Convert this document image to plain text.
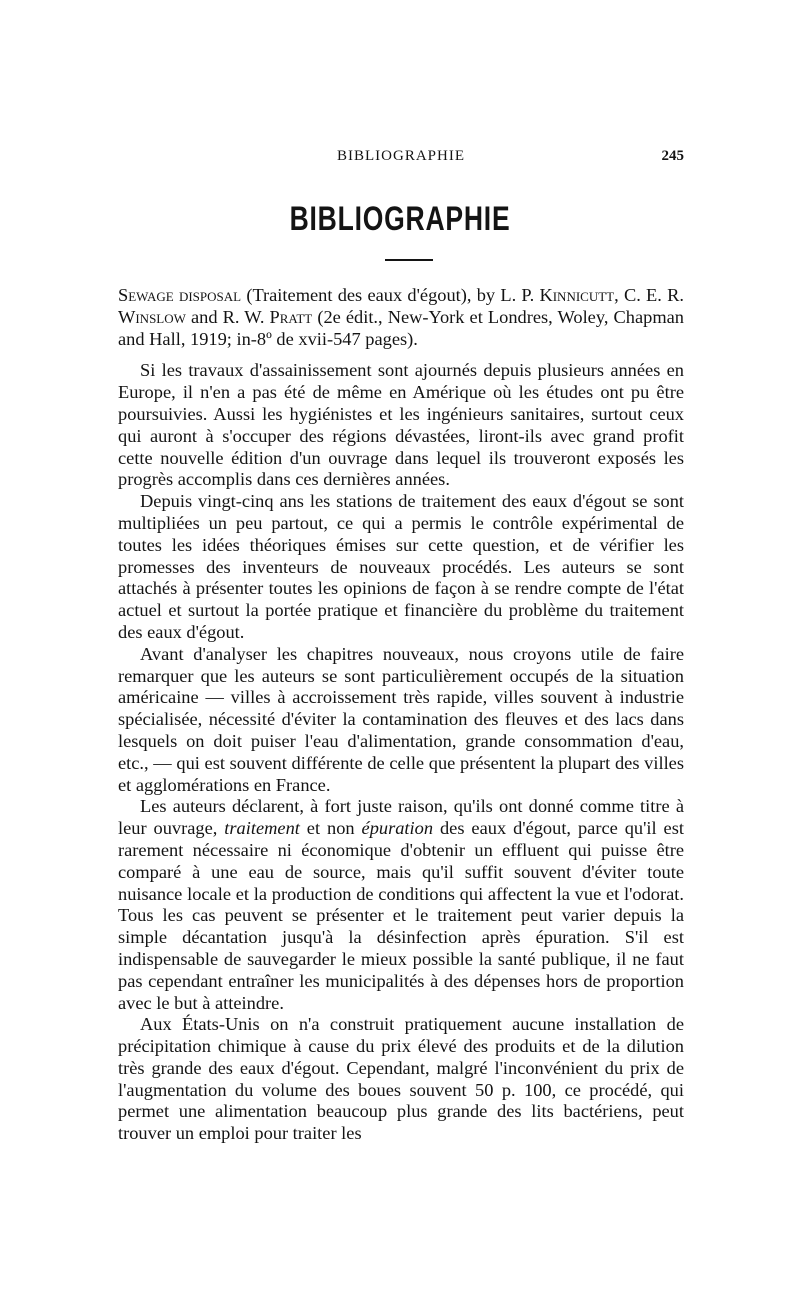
BIBLIOGRAPHIE	245
BIBLIOGRAPHIE

Sewage disposal (Traitement des eaux d'égout), by L. P. Kinnicutt, C. E. R. Winslow and R. W. Pratt (2e édit., New-York et Londres, Woley, Chapman and Hall, 1919; in-8º de xvii-547 pages).

Si les travaux d'assainissement sont ajournés depuis plusieurs années en Europe, il n'en a pas été de même en Amérique où les études ont pu être poursuivies. Aussi les hygiénistes et les ingénieurs sanitaires, surtout ceux qui auront à s'occuper des régions dévastées, liront-ils avec grand profit cette nouvelle édition d'un ouvrage dans lequel ils trouveront exposés les progrès accomplis dans ces dernières années.

Depuis vingt-cinq ans les stations de traitement des eaux d'égout se sont multipliées un peu partout, ce qui a permis le contrôle expérimental de toutes les idées théoriques émises sur cette question, et de vérifier les promesses des inventeurs de nouveaux procédés. Les auteurs se sont attachés à présenter toutes les opinions de façon à se rendre compte de l'état actuel et surtout la portée pratique et financière du problème du traitement des eaux d'égout.

Avant d'analyser les chapitres nouveaux, nous croyons utile de faire remarquer que les auteurs se sont particulièrement occupés de la situation américaine — villes à accroissement très rapide, villes souvent à industrie spécialisée, nécessité d'éviter la contamination des fleuves et des lacs dans lesquels on doit puiser l'eau d'alimentation, grande consommation d'eau, etc., — qui est souvent différente de celle que présentent la plupart des villes et agglomérations en France.

Les auteurs déclarent, à fort juste raison, qu'ils ont donné comme titre à leur ouvrage, traitement et non épuration des eaux d'égout, parce qu'il est rarement nécessaire ni économique d'obtenir un effluent qui puisse être comparé à une eau de source, mais qu'il suffit souvent d'éviter toute nuisance locale et la production de conditions qui affectent la vue et l'odorat. Tous les cas peuvent se présenter et le traitement peut varier depuis la simple décantation jusqu'à la désinfection après épuration. S'il est indispensable de sauvegarder le mieux possible la santé publique, il ne faut pas cependant entraîner les municipalités à des dépenses hors de proportion avec le but à atteindre.

Aux États-Unis on n'a construit pratiquement aucune installation de précipitation chimique à cause du prix élevé des produits et de la dilution très grande des eaux d'égout. Cependant, malgré l'inconvénient du prix de l'augmentation du volume des boues souvent 50 p. 100, ce procédé, qui permet une alimentation beaucoup plus grande des lits bactériens, peut trouver un emploi pour traiter les
